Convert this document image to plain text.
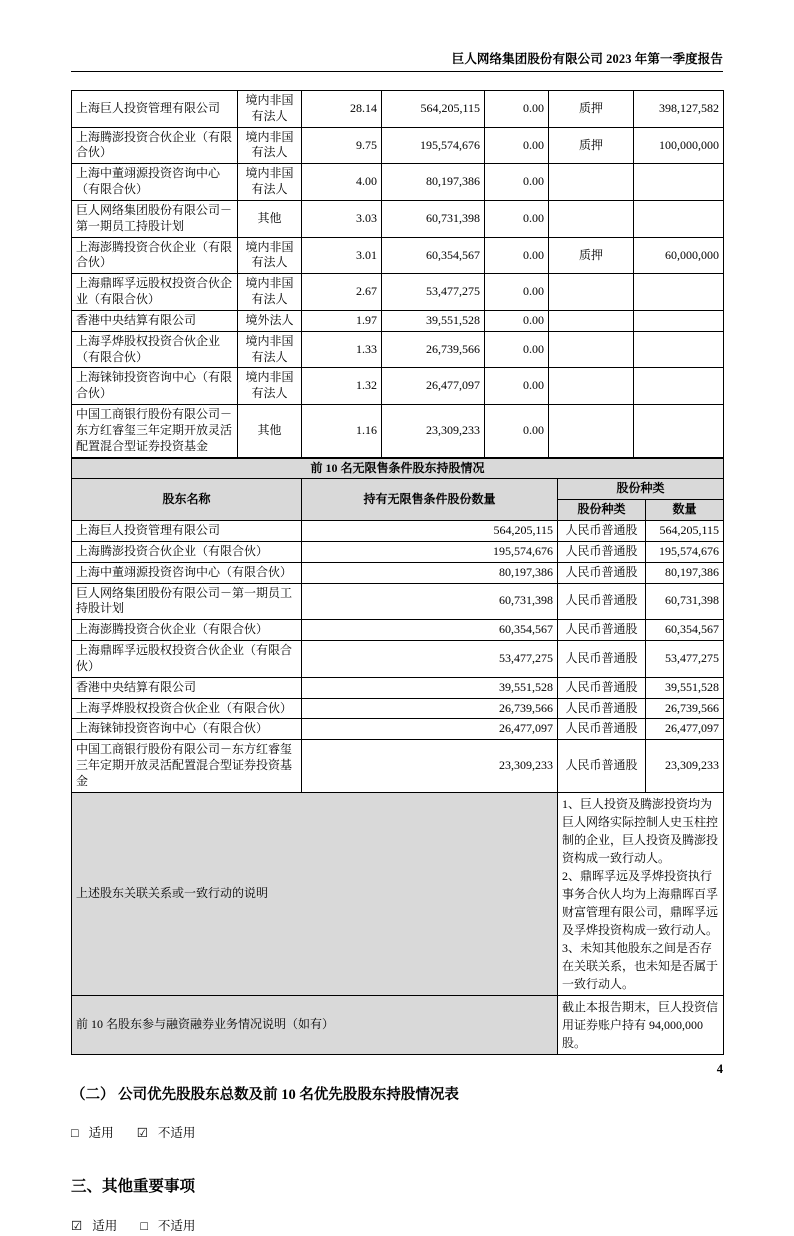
巨人网络集团股份有限公司 2023 年第一季度报告
上海巨人投资管理有限公司	境内非国有法人	28.14	564,205,115	0.00	质押	398,127,582
上海腾澎投资合伙企业（有限合伙）	境内非国有法人	9.75	195,574,676	0.00	质押	100,000,000
上海中董翊源投资咨询中心（有限合伙）	境内非国有法人	4.00	80,197,386	0.00		
巨人网络集团股份有限公司－第一期员工持股计划	其他	3.03	60,731,398	0.00		
上海澎腾投资合伙企业（有限合伙）	境内非国有法人	3.01	60,354,567	0.00	质押	60,000,000
上海鼎晖孚远股权投资合伙企业（有限合伙）	境内非国有法人	2.67	53,477,275	0.00		
香港中央结算有限公司	境外法人	1.97	39,551,528	0.00		
上海孚烨股权投资合伙企业（有限合伙）	境内非国有法人	1.33	26,739,566	0.00		
上海铼铈投资咨询中心（有限合伙）	境内非国有法人	1.32	26,477,097	0.00		
中国工商银行股份有限公司－东方红睿玺三年定期开放灵活配置混合型证券投资基金	其他	1.16	23,309,233	0.00		
前 10 名无限售条件股东持股情况			
股东名称	持有无限售条件股份数量	股份种类	
		股份种类	数量
上海巨人投资管理有限公司	564,205,115	人民币普通股	564,205,115
上海腾澎投资合伙企业（有限合伙）	195,574,676	人民币普通股	195,574,676
上海中董翊源投资咨询中心（有限合伙）	80,197,386	人民币普通股	80,197,386
巨人网络集团股份有限公司－第一期员工持股计划	60,731,398	人民币普通股	60,731,398
上海澎腾投资合伙企业（有限合伙）	60,354,567	人民币普通股	60,354,567
上海鼎晖孚远股权投资合伙企业（有限合伙）	53,477,275	人民币普通股	53,477,275
香港中央结算有限公司	39,551,528	人民币普通股	39,551,528
上海孚烨股权投资合伙企业（有限合伙）	26,739,566	人民币普通股	26,739,566
上海铼铈投资咨询中心（有限合伙）	26,477,097	人民币普通股	26,477,097
中国工商银行股份有限公司－东方红睿玺三年定期开放灵活配置混合型证券投资基金	23,309,233	人民币普通股	23,309,233
上述股东关联关系或一致行动的说明		1、巨人投资及腾澎投资均为巨人网络实际控制人史玉柱控制的企业，巨人投资及腾澎投资构成一致行动人。

2、鼎晖孚远及孚烨投资执行事务合伙人均为上海鼎晖百孚财富管理有限公司，鼎晖孚远及孚烨投资构成一致行动人。

3、未知其他股东之间是否存在关联关系，也未知是否属于一致行动人。	

前 10 名股东参与融资融券业务情况说明（如有）		截止本报告期末，巨人投资信用证券账户持有 94,000,000 股。	
（二） 公司优先股股东总数及前 10 名优先股股东持股情况表
□ 适用 ☑ 不适用
三、其他重要事项
☑ 适用 □ 不适用
4
